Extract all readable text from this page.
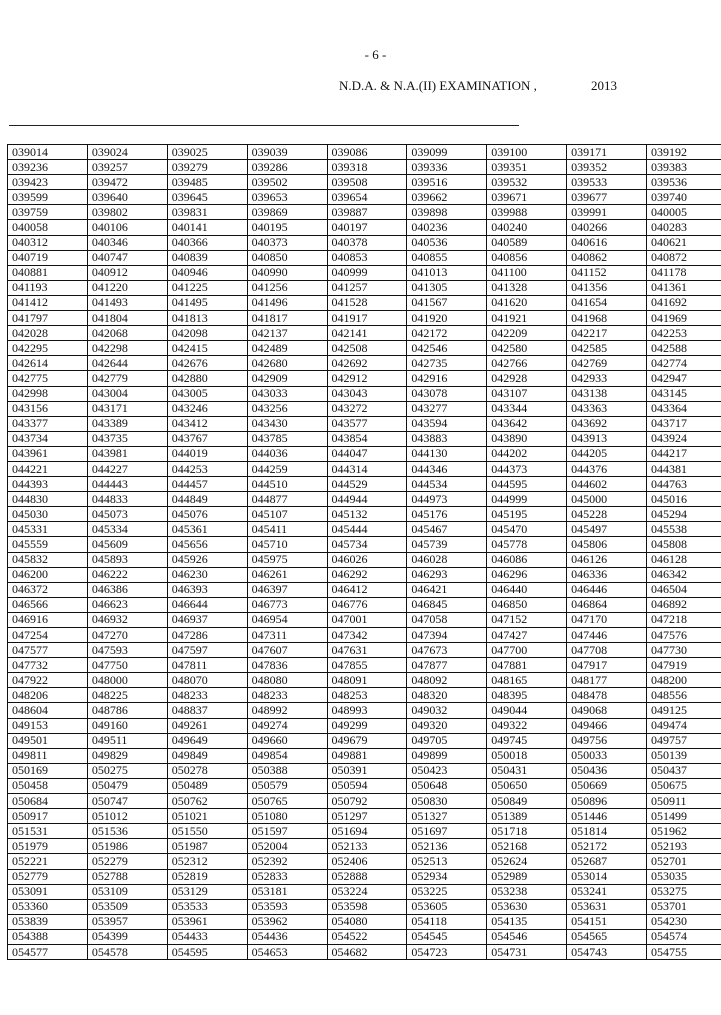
- 6 -
N.D.A. & N.A.(II) EXAMINATION ,	2013
039014	039024	039025	039039	039086	039099	039100	039171	039192
039236	039257	039279	039286	039318	039336	039351	039352	039383
039423	039472	039485	039502	039508	039516	039532	039533	039536
039599	039640	039645	039653	039654	039662	039671	039677	039740
039759	039802	039831	039869	039887	039898	039988	039991	040005
040058	040106	040141	040195	040197	040236	040240	040266	040283
040312	040346	040366	040373	040378	040536	040589	040616	040621
040719	040747	040839	040850	040853	040855	040856	040862	040872
040881	040912	040946	040990	040999	041013	041100	041152	041178
041193	041220	041225	041256	041257	041305	041328	041356	041361
041412	041493	041495	041496	041528	041567	041620	041654	041692
041797	041804	041813	041817	041917	041920	041921	041968	041969
042028	042068	042098	042137	042141	042172	042209	042217	042253
042295	042298	042415	042489	042508	042546	042580	042585	042588
042614	042644	042676	042680	042692	042735	042766	042769	042774
042775	042779	042880	042909	042912	042916	042928	042933	042947
042998	043004	043005	043033	043043	043078	043107	043138	043145
043156	043171	043246	043256	043272	043277	043344	043363	043364
043377	043389	043412	043430	043577	043594	043642	043692	043717
043734	043735	043767	043785	043854	043883	043890	043913	043924
043961	043981	044019	044036	044047	044130	044202	044205	044217
044221	044227	044253	044259	044314	044346	044373	044376	044381
044393	044443	044457	044510	044529	044534	044595	044602	044763
044830	044833	044849	044877	044944	044973	044999	045000	045016
045030	045073	045076	045107	045132	045176	045195	045228	045294
045331	045334	045361	045411	045444	045467	045470	045497	045538
045559	045609	045656	045710	045734	045739	045778	045806	045808
045832	045893	045926	045975	046026	046028	046086	046126	046128
046200	046222	046230	046261	046292	046293	046296	046336	046342
046372	046386	046393	046397	046412	046421	046440	046446	046504
046566	046623	046644	046773	046776	046845	046850	046864	046892
046916	046932	046937	046954	047001	047058	047152	047170	047218
047254	047270	047286	047311	047342	047394	047427	047446	047576
047577	047593	047597	047607	047631	047673	047700	047708	047730
047732	047750	047811	047836	047855	047877	047881	047917	047919
047922	048000	048070	048080	048091	048092	048165	048177	048200
048206	048225	048233	048233	048253	048320	048395	048478	048556
048604	048786	048837	048992	048993	049032	049044	049068	049125
049153	049160	049261	049274	049299	049320	049322	049466	049474
049501	049511	049649	049660	049679	049705	049745	049756	049757
049811	049829	049849	049854	049881	049899	050018	050033	050139
050169	050275	050278	050388	050391	050423	050431	050436	050437
050458	050479	050489	050579	050594	050648	050650	050669	050675
050684	050747	050762	050765	050792	050830	050849	050896	050911
050917	051012	051021	051080	051297	051327	051389	051446	051499
051531	051536	051550	051597	051694	051697	051718	051814	051962
051979	051986	051987	052004	052133	052136	052168	052172	052193
052221	052279	052312	052392	052406	052513	052624	052687	052701
052779	052788	052819	052833	052888	052934	052989	053014	053035
053091	053109	053129	053181	053224	053225	053238	053241	053275
053360	053509	053533	053593	053598	053605	053630	053631	053701
053839	053957	053961	053962	054080	054118	054135	054151	054230
054388	054399	054433	054436	054522	054545	054546	054565	054574
054577	054578	054595	054653	054682	054723	054731	054743	054755
